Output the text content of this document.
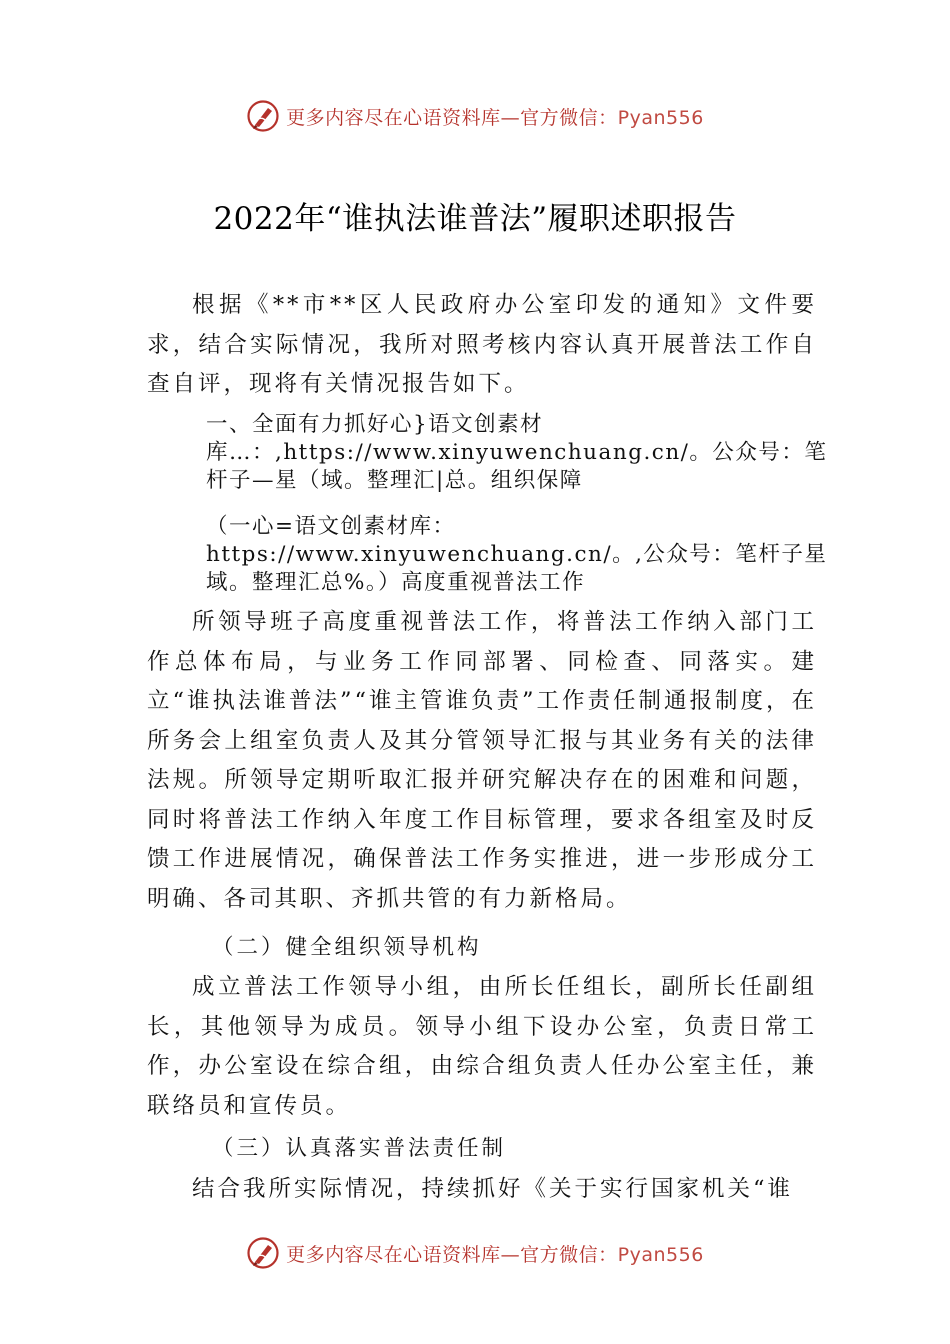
更多内容尽在心语资料库—官方微信：Pyan556
2022年“谁执法谁普法”履职述职报告

根据《**市**区人民政府办公室印发的通知》文件要求，结合实际情况，我所对照考核内容认真开展普法工作自查自评，现将有关情况报告如下。

一、全面有力抓好心}语文创素材库…：,https://www.xinyuwenchuang.cn/。公众号：笔杆子—星（域。整理汇|总。组织保障
（一心=语文创素材库：https://www.xinyuwenchuang.cn/。,公众号：笔杆子星域。整理汇总%。）高度重视普法工作

所领导班子高度重视普法工作，将普法工作纳入部门工作总体布局，与业务工作同部署、同检查、同落实。建立“谁执法谁普法”“谁主管谁负责”工作责任制通报制度，在所务会上组室负责人及其分管领导汇报与其业务有关的法律法规。所领导定期听取汇报并研究解决存在的困难和问题， 同时将普法工作纳入年度工作目标管理，要求各组室及时反馈工作进展情况，确保普法工作务实推进，进一步形成分工明确、各司其职、齐抓共管的有力新格局。

（二）健全组织领导机构

成立普法工作领导小组，由所长任组长，副所长任副组长，其他领导为成员。领导小组下设办公室，负责日常工作，办公室设在综合组，由综合组负责人任办公室主任，兼联络员和宣传员。

（三）认真落实普法责任制

结合我所实际情况，持续抓好《关于实行国家机关“谁

更多内容尽在心语资料库—官方微信：Pyan556
